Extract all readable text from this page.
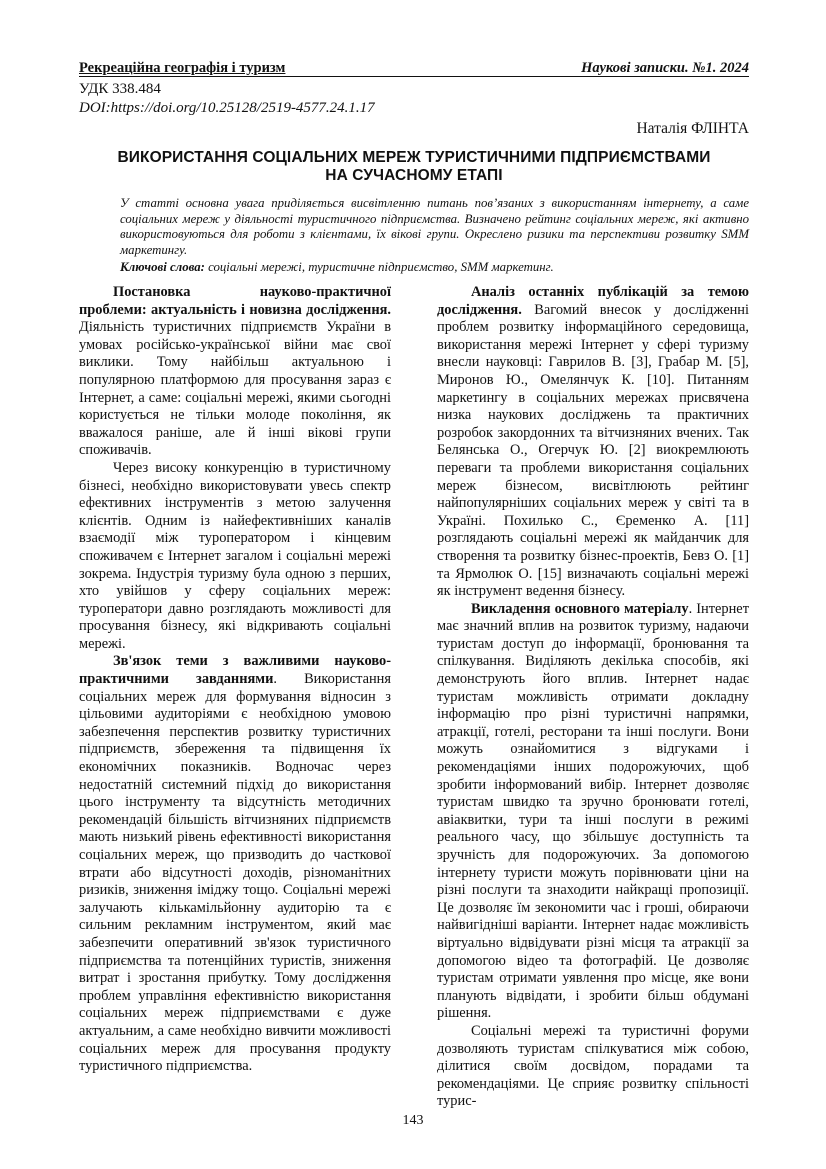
Рекреаційна географія і туризм	Наукові записки. №1. 2024
УДК 338.484
DOI:https://doi.org/10.25128/2519-4577.24.1.17
Наталія ФЛІНТА
ВИКОРИСТАННЯ СОЦІАЛЬНИХ МЕРЕЖ ТУРИСТИЧНИМИ ПІДПРИЄМСТВАМИ
НА СУЧАСНОМУ ЕТАПІ
У статті основна увага приділяється висвітленню питань пов’язаних з використанням інтернету, а саме соціальних мереж у діяльності туристичного підприємства. Визначено рейтинг соціальних мереж, які активно використовуються для роботи з клієнтами, їх вікові групи. Окреслено ризики та перспективи розвитку SMM маркетингу.
Ключові слова: соціальні мережі, туристичне підприємство, SMM маркетинг.

Постановка науково-практичної проблеми: актуальність і новизна дослідження. Діяльність туристичних підприємств України в умовах російсько-української війни має свої виклики. Тому найбільш актуальною і популярною платформою для просування зараз є Інтернет, а саме: соціальні мережі, якими сьогодні користується не тільки молоде покоління, як вважалося раніше, але й інші вікові групи споживачів.

Через високу конкуренцію в туристичному бізнесі, необхідно використовувати увесь спектр ефективних інструментів з метою залучення клієнтів. Одним із найефективніших каналів взаємодії між туроператором і кінцевим споживачем є Інтернет загалом і соціальні мережі зокрема. Індустрія туризму була одною з перших, хто увійшов у сферу соціальних мереж: туроператори давно розглядають можливості для просування бізнесу, які відкривають соціальні мережі.

Зв'язок теми з важливими науково-практичними завданнями. Використання соціальних мереж для формування відносин з цільовими аудиторіями є необхідною умовою забезпечення перспектив розвитку туристичних підприємств, збереження та підвищення їх економічних показників. Водночас через недостатній системний підхід до використання цього інструменту та відсутність методичних рекомендацій більшість вітчизняних підприємств мають низький рівень ефективності використання соціальних мереж, що призводить до часткової втрати або відсутності доходів, різноманітних ризиків, зниження іміджу тощо. Соціальні мережі залучають кількамільйонну аудиторію та є сильним рекламним інструментом, який має забезпечити оперативний зв'язок туристичного підприємства та потенційних туристів, зниження витрат і зростання прибутку. Тому дослідження проблем управління ефективністю використання соціальних мереж підприємствами є дуже актуальним, а саме необхідно вивчити можливості соціальних мереж для просування продукту туристичного підприємства.

Аналіз останніх публікацій за темою дослідження. Вагомий внесок у дослідженні проблем розвитку інформаційного середовища, використання мережі Інтернет у сфері туризму внесли науковці: Гаврилов В. [3], Грабар М. [5], Миронов Ю., Омелянчук К. [10]. Питанням маркетингу в соціальних мережах присвячена низка наукових досліджень та практичних розробок закордонних та вітчизняних вчених. Так Белянська О., Огерчук Ю. [2] виокремлюють переваги та проблеми використання соціальних мереж бізнесом, висвітлюють рейтинг найпопулярніших соціальних мереж у світі та в Україні. Похилько С., Єременко А. [11] розглядають соціальні мережі як майданчик для створення та розвитку бізнес-проектів, Бевз О. [1] та Ярмолюк О. [15] визначають соціальні мережі як інструмент ведення бізнесу.

Викладення основного матеріалу. Інтернет має значний вплив на розвиток туризму, надаючи туристам доступ до інформації, бронювання та спілкування. Виділяють декілька способів, які демонструють його вплив. Інтернет надає туристам можливість отримати докладну інформацію про різні туристичні напрямки, атракції, готелі, ресторани та інші послуги. Вони можуть ознайомитися з відгуками і рекомендаціями інших подорожуючих, щоб зробити інформований вибір. Інтернет дозволяє туристам швидко та зручно бронювати готелі, авіаквитки, тури та інші послуги в режимі реального часу, що збільшує доступність та зручність для подорожуючих. За допомогою інтернету туристи можуть порівнювати ціни на різні послуги та знаходити найкращі пропозиції. Це дозволяє їм зекономити час і гроші, обираючи найвигідніші варіанти. Інтернет надає можливість віртуально відвідувати різні місця та атракції за допомогою відео та фотографій. Це дозволяє туристам отримати уявлення про місце, яке вони планують відвідати, і зробити більш обдумані рішення.

Соціальні мережі та туристичні форуми дозволяють туристам спілкуватися між собою, ділитися своїм досвідом, порадами та рекомендаціями. Це сприяє розвитку спільності турис-

143
